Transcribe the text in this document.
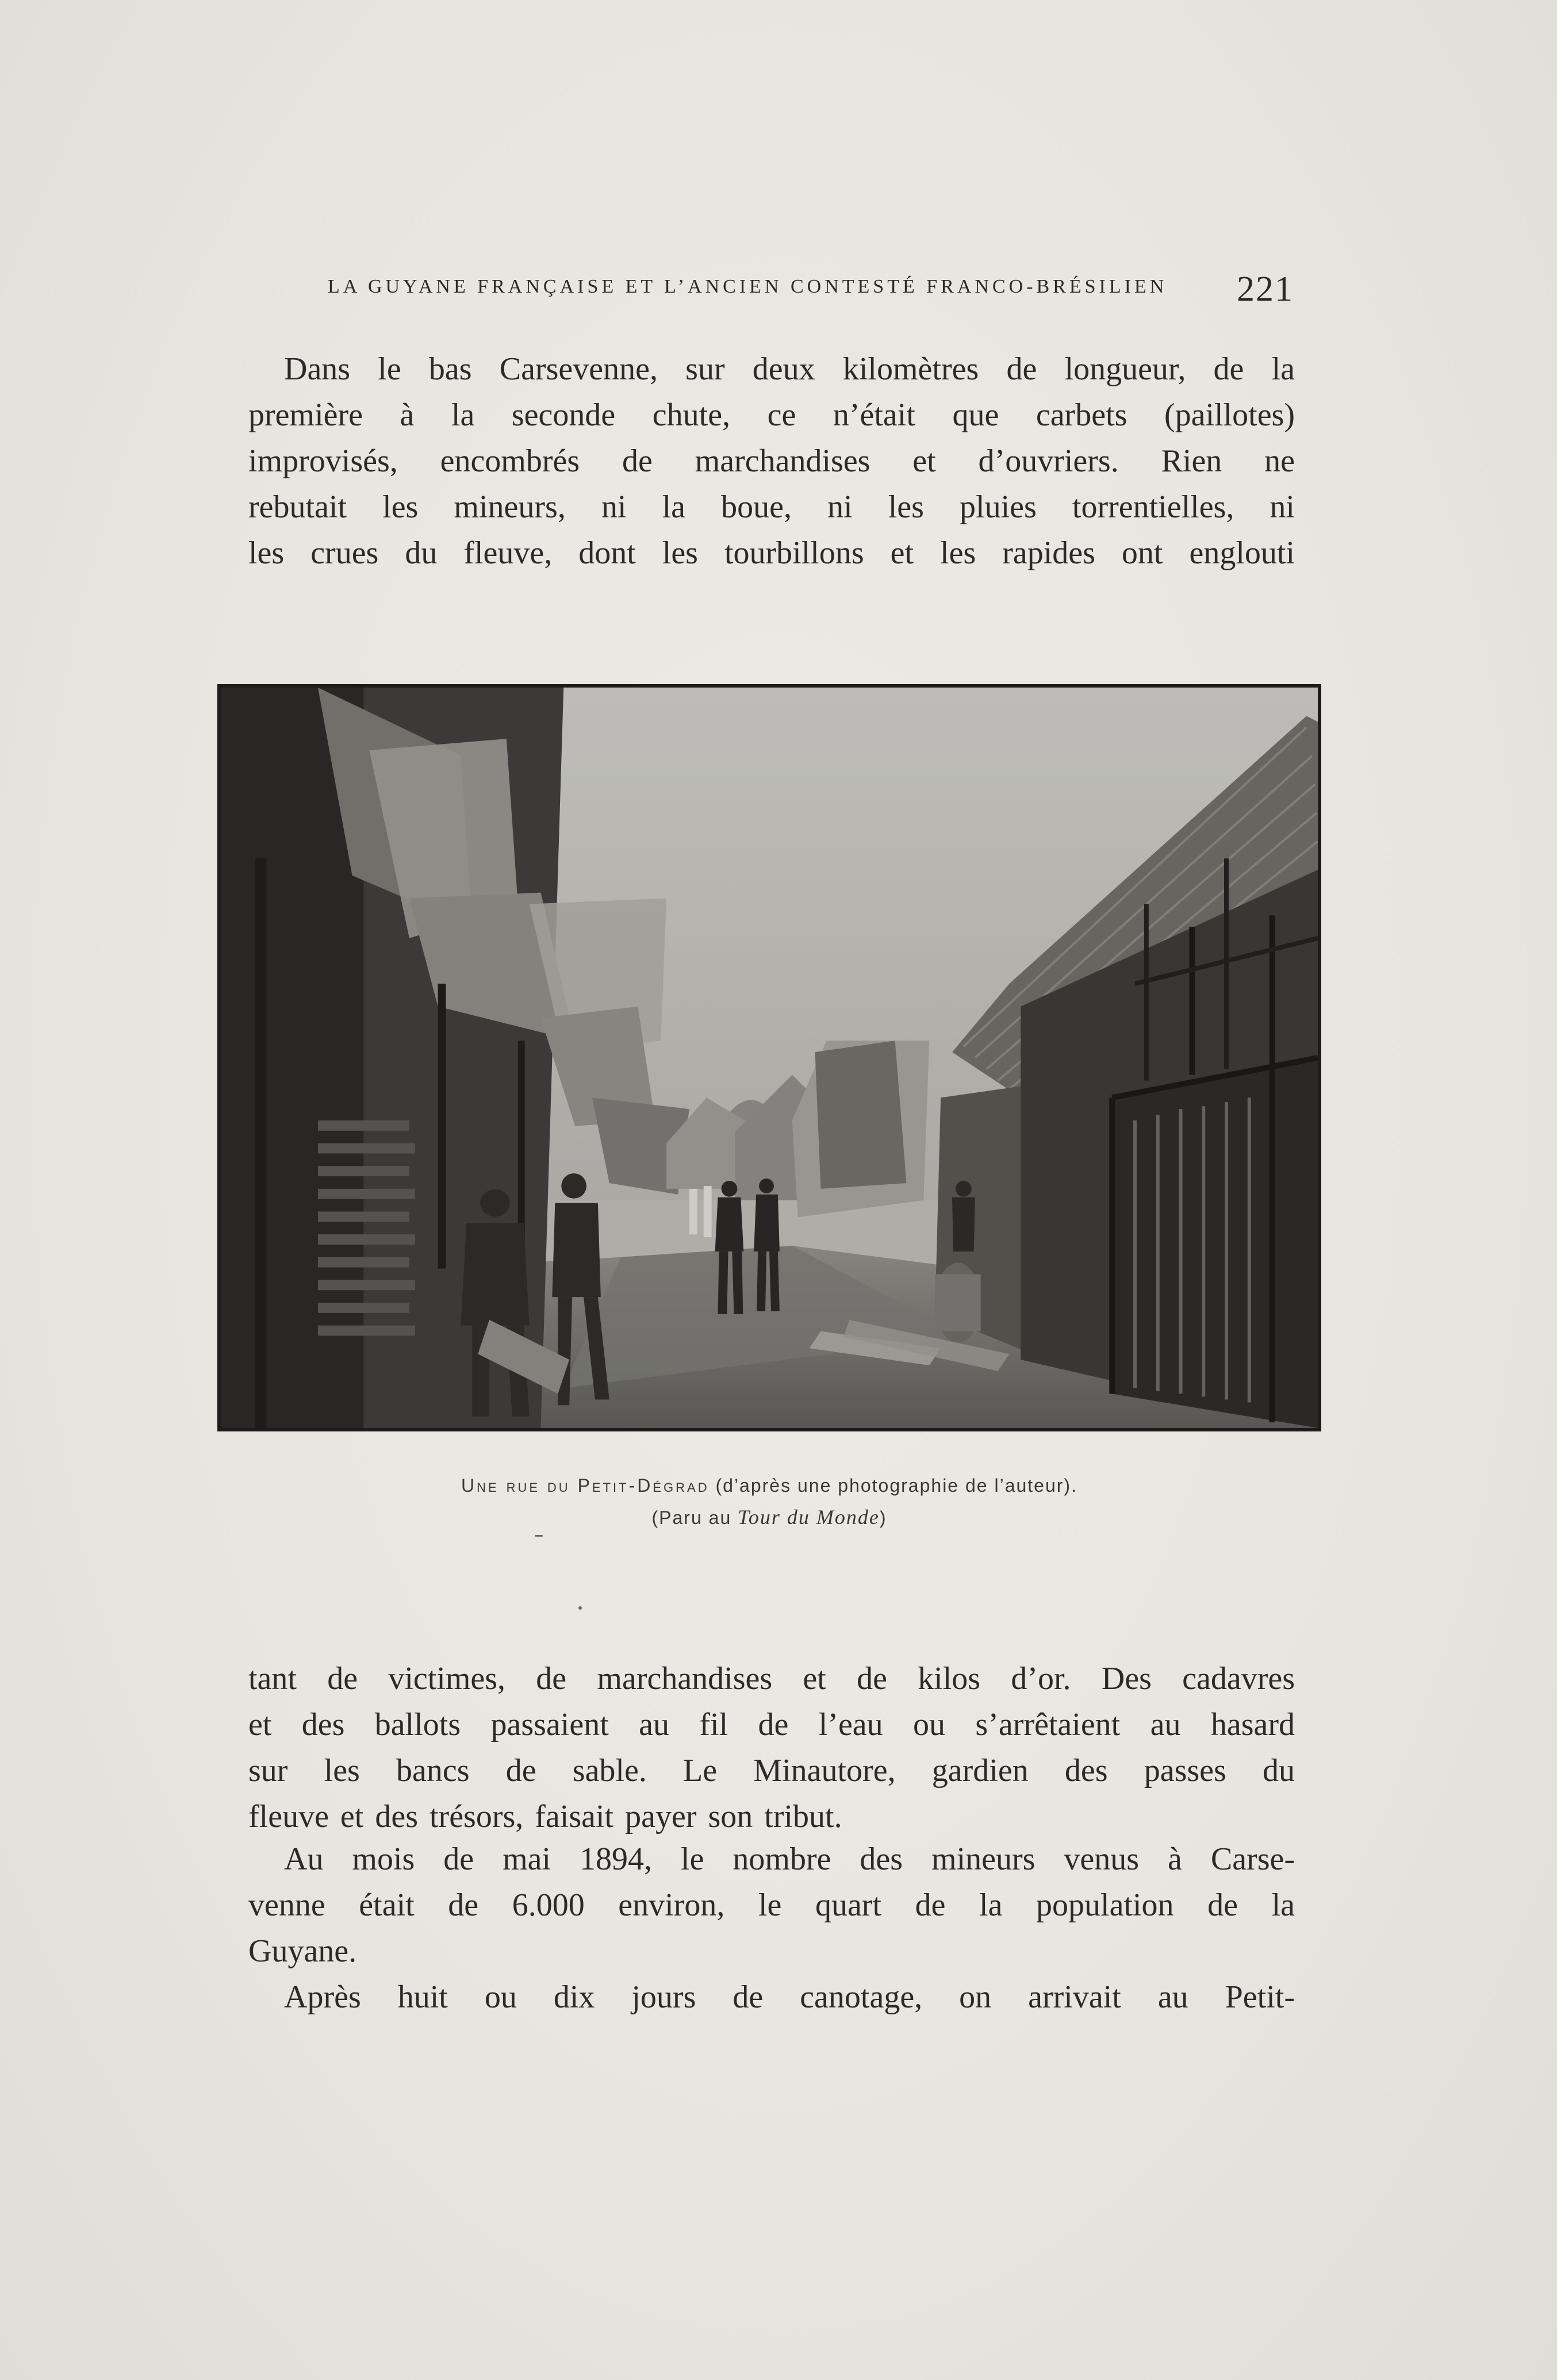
LA GUYANE FRANÇAISE ET L’ANCIEN CONTESTÉ FRANCO-BRÉSILIEN 221
Dans le bas Carsevenne, sur deux kilomètres de longueur, de la
première à la seconde chute, ce n’était que carbets (paillotes)
improvisés, encombrés de marchandises et d’ouvriers. Rien ne
rebutait les mineurs, ni la boue, ni les pluies torrentielles, ni
les crues du fleuve, dont les tourbillons et les rapides ont englouti
Une rue du Petit-Dégrad (d’après une photographie de l’auteur).
(Paru au Tour du Monde)
tant de victimes, de marchandises et de kilos d’or. Des cadavres
et des ballots passaient au fil de l’eau ou s’arrêtaient au hasard
sur les bancs de sable. Le Minautore, gardien des passes du
fleuve et des trésors, faisait payer son tribut.
Au mois de mai 1894, le nombre des mineurs venus à Carse-
venne était de 6.000 environ, le quart de la population de la
Guyane.
Après huit ou dix jours de canotage, on arrivait au Petit-
